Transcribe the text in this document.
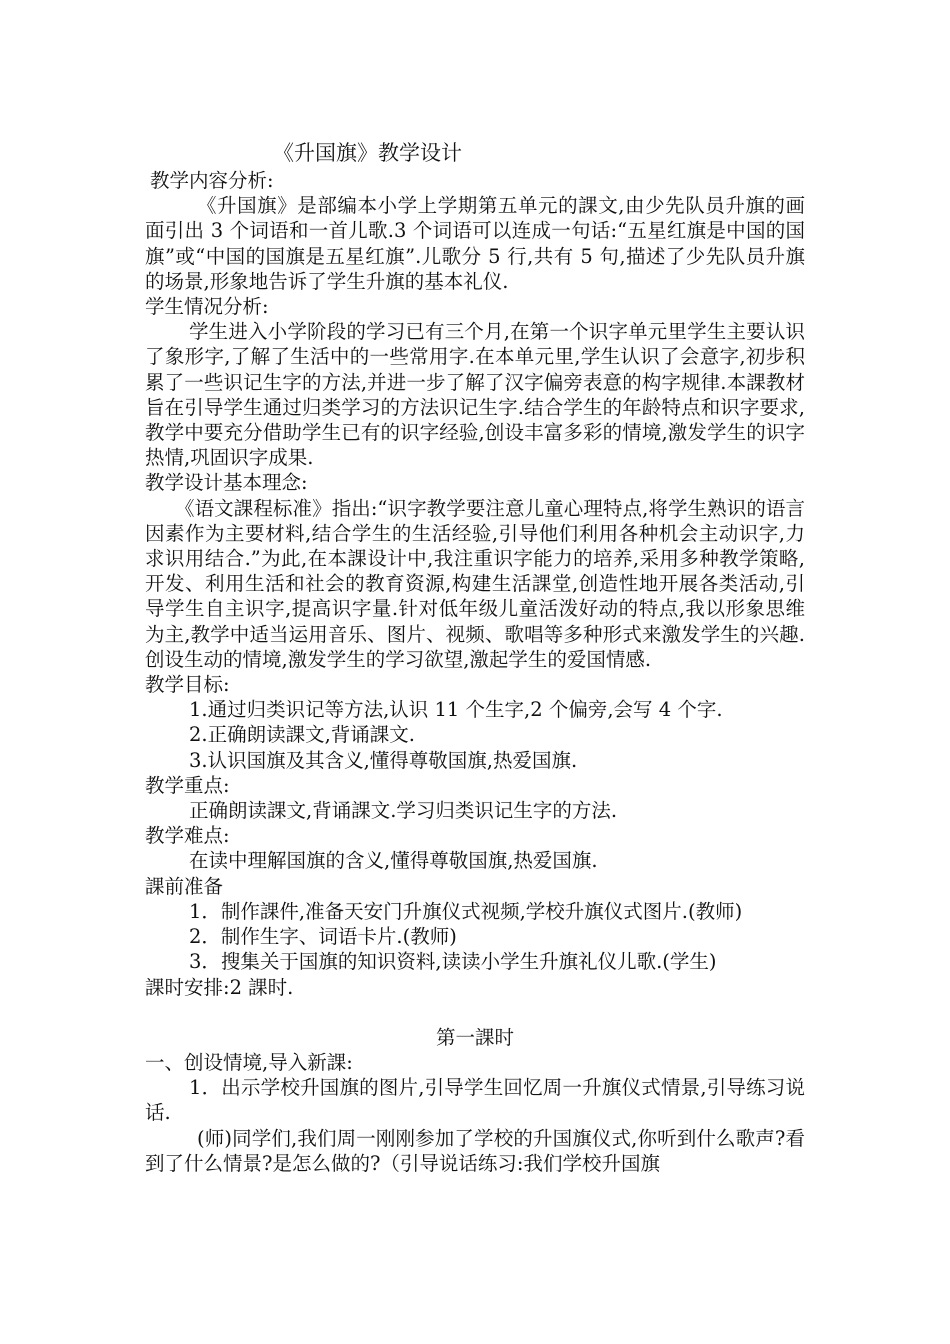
《升国旗》教学设计
教学内容分析:
《升国旗》是部编本小学上学期第五单元的課文,由少先队员升旗的画面引出 3 个词语和一首儿歌.3 个词语可以连成一句话:“五星红旗是中国的国旗”或“中国的国旗是五星红旗”.儿歌分 5 行,共有 5 句,描述了少先队员升旗的场景,形象地告诉了学生升旗的基本礼仪.
学生情况分析:
学生进入小学阶段的学习已有三个月,在第一个识字单元里学生主要认识了象形字,了解了生活中的一些常用字.在本单元里,学生认识了会意字,初步积累了一些识记生字的方法,并进一步了解了汉字偏旁表意的构字规律.本課教材旨在引导学生通过归类学习的方法识记生字.结合学生的年龄特点和识字要求,教学中要充分借助学生已有的识字经验,创设丰富多彩的情境,激发学生的识字热情,巩固识字成果.
教学设计基本理念:
《语文課程标准》指出:“识字教学要注意儿童心理特点,将学生熟识的语言因素作为主要材料,结合学生的生活经验,引导他们利用各种机会主动识字,力求识用结合.”为此,在本課设计中,我注重识字能力的培养,采用多种教学策略,开发、利用生活和社会的教育资源,构建生活課堂,创造性地开展各类活动,引导学生自主识字,提高识字量.针对低年级儿童活泼好动的特点,我以形象思维为主,教学中适当运用音乐、图片、视频、歌唱等多种形式来激发学生的兴趣.创设生动的情境,激发学生的学习欲望,激起学生的爱国情感.
教学目标:
1.通过归类识记等方法,认识 11 个生字,2 个偏旁,会写 4 个字.
2.正确朗读課文,背诵課文.
3.认识国旗及其含义,懂得尊敬国旗,热爱国旗.
教学重点:
正确朗读課文,背诵課文.学习归类识记生字的方法.
教学难点:
在读中理解国旗的含义,懂得尊敬国旗,热爱国旗.
課前准备
1．制作課件,准备天安门升旗仪式视频,学校升旗仪式图片.(教师)
2．制作生字、词语卡片.(教师)
3．搜集关于国旗的知识资料,读读小学生升旗礼仪儿歌.(学生)
課时安排:2 課时.
第一課时
一、创设情境,导入新課:
1．出示学校升国旗的图片,引导学生回忆周一升旗仪式情景,引导练习说话.
(师)同学们,我们周一刚刚参加了学校的升国旗仪式,你听到什么歌声?看到了什么情景?是怎么做的?（引导说话练习:我们学校升国旗
